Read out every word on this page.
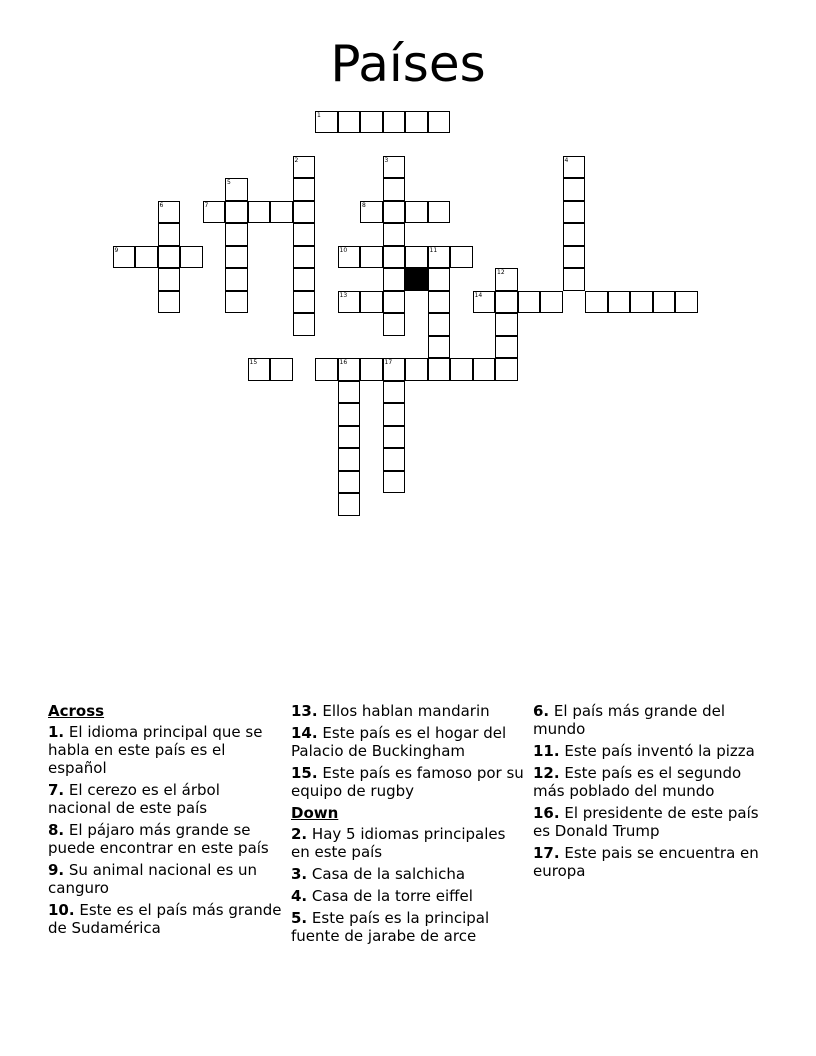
Países
1
2	3	4
5
6	7	8
9	10	11
12
13	14
15	16	17
Across
1. El idioma principal que se habla en este país es el español
7. El cerezo es el árbol nacional de este país
8. El pájaro más grande se puede encontrar en este país
9. Su animal nacional es un canguro
10. Este es el país más grande de Sudamérica
13. Ellos hablan mandarin
14. Este país es el hogar del Palacio de Buckingham
15. Este país es famoso por su equipo de rugby
Down
2. Hay 5 idiomas principales en este país
3. Casa de la salchicha
4. Casa de la torre eiffel
5. Este país es la principal fuente de jarabe de arce
6. El país más grande del mundo
11. Este país inventó la pizza
12. Este país es el segundo más poblado del mundo
16. El presidente de este país es Donald Trump
17. Este pais se encuentra en europa
